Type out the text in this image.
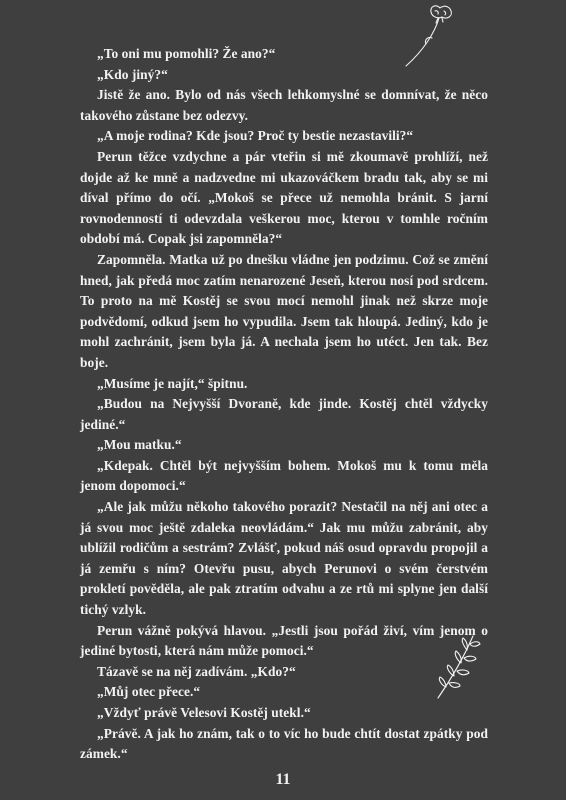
„To oni mu pomohli? Že ano?“

„Kdo jiný?“

Jistě že ano. Bylo od nás všech lehkomyslné se domnívat, že něco takového zůstane bez odezvy.

„A moje rodina? Kde jsou? Proč ty bestie nezastavili?“

Perun těžce vzdychne a pár vteřin si mě zkoumavě prohlíží, než dojde až ke mně a nadzvedne mi ukazováčkem bradu tak, aby se mi díval přímo do očí. „Mokoš se přece už nemohla bránit. S jarní rovnodenností ti odevzdala veškerou moc, kterou v tomhle ročním období má. Copak jsi zapomněla?“

Zapomněla. Matka už po dnešku vládne jen podzimu. Což se změní hned, jak předá moc zatím nenarozené Jeseň, kterou nosí pod srdcem. To proto na mě Kostěj se svou mocí nemohl jinak než skrze moje podvědomí, odkud jsem ho vypudila. Jsem tak hloupá. Jediný, kdo je mohl zachránit, jsem byla já. A nechala jsem ho utéct. Jen tak. Bez boje.

„Musíme je najít,“ špitnu.

„Budou na Nejvyšší Dvoraně, kde jinde. Kostěj chtěl vždycky jediné.“

„Mou matku.“

„Kdepak. Chtěl být nejvyšším bohem. Mokoš mu k tomu měla jenom dopomoci.“

„Ale jak můžu někoho takového porazit? Nestačil na něj ani otec a já svou moc ještě zdaleka neovládám.“ Jak mu můžu zabránit, aby ublížil rodičům a sestrám? Zvlášť, pokud náš osud opravdu propojil a já zemřu s ním? Otevřu pusu, abych Perunovi o svém čerstvém prokletí pověděla, ale pak ztratím odvahu a ze rtů mi splyne jen další tichý vzlyk.

Perun vážně pokývá hlavou. „Jestli jsou pořád živí, vím jenom o jediné bytosti, která nám může pomoci.“

Tázavě se na něj zadívám. „Kdo?“

„Můj otec přece.“

„Vždyť právě Velesovi Kostěj utekl.“

„Právě. A jak ho znám, tak o to víc ho bude chtít dostat zpátky pod zámek.“

11
